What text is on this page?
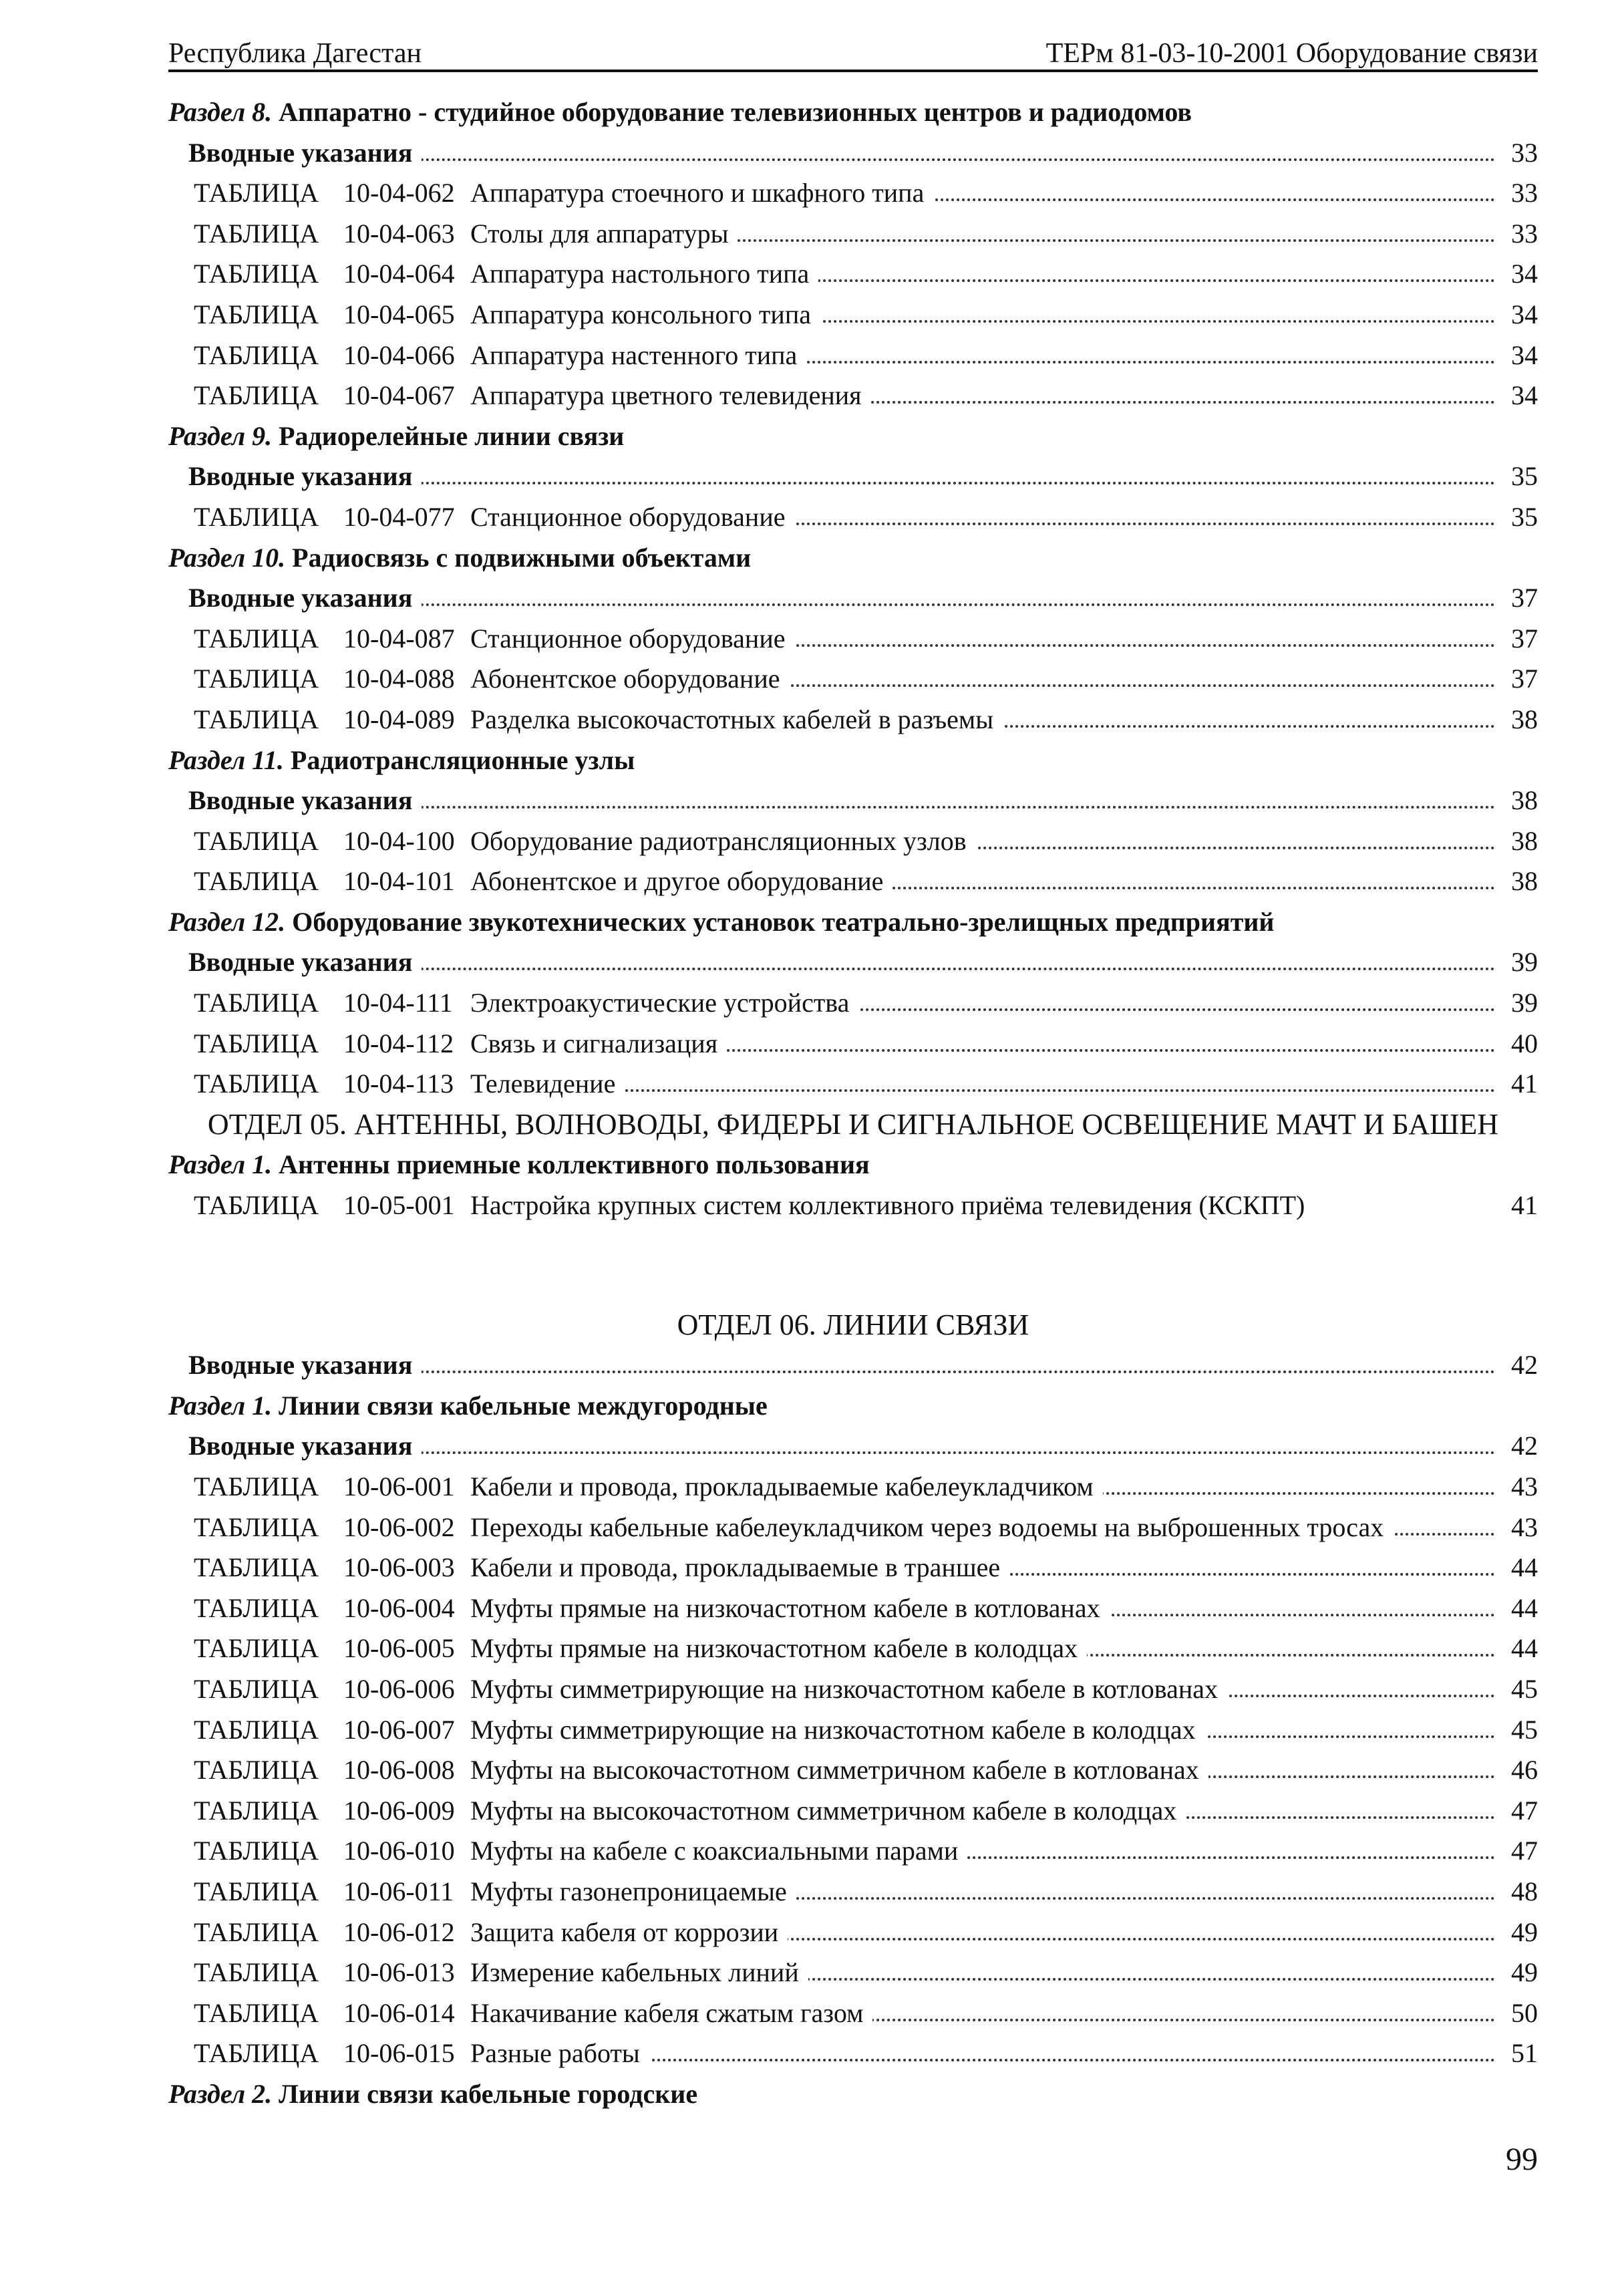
Республика Дагестан	ТЕРм 81-03-10-2001 Оборудование связи
Раздел 8. Аппаратно - студийное оборудование телевизионных центров и радиодомов
Вводные указания	33
ТАБЛИЦА 10-04-062 Аппаратура стоечного и шкафного типа	33
ТАБЛИЦА 10-04-063 Столы для аппаратуры	33
ТАБЛИЦА 10-04-064 Аппаратура настольного типа	34
ТАБЛИЦА 10-04-065 Аппаратура консольного типа	34
ТАБЛИЦА 10-04-066 Аппаратура настенного типа	34
ТАБЛИЦА 10-04-067 Аппаратура цветного телевидения	34
Раздел 9. Радиорелейные линии связи
Вводные указания	35
ТАБЛИЦА 10-04-077 Станционное оборудование	35
Раздел 10. Радиосвязь с подвижными объектами
Вводные указания	37
ТАБЛИЦА 10-04-087 Станционное оборудование	37
ТАБЛИЦА 10-04-088 Абонентское оборудование	37
ТАБЛИЦА 10-04-089 Разделка высокочастотных кабелей в разъемы	38
Раздел 11. Радиотрансляционные узлы
Вводные указания	38
ТАБЛИЦА 10-04-100 Оборудование радиотрансляционных узлов	38
ТАБЛИЦА 10-04-101 Абонентское и другое оборудование	38
Раздел 12. Оборудование звукотехнических установок театрально-зрелищных предприятий
Вводные указания	39
ТАБЛИЦА 10-04-111 Электроакустические устройства	39
ТАБЛИЦА 10-04-112 Связь и сигнализация	40
ТАБЛИЦА 10-04-113 Телевидение	41
ОТДЕЛ 05. АНТЕННЫ, ВОЛНОВОДЫ, ФИДЕРЫ И СИГНАЛЬНОЕ ОСВЕЩЕНИЕ МАЧТ И БАШЕН
Раздел 1. Антенны приемные коллективного пользования
ТАБЛИЦА 10-05-001 Настройка крупных систем коллективного приёма телевидения (КСКПТ)	41
ОТДЕЛ 06. ЛИНИИ СВЯЗИ
Вводные указания	42
Раздел 1. Линии связи кабельные междугородные
Вводные указания	42
ТАБЛИЦА 10-06-001 Кабели и провода, прокладываемые кабелеукладчиком	43
ТАБЛИЦА 10-06-002 Переходы кабельные кабелеукладчиком через водоемы на выброшенных тросах	43
ТАБЛИЦА 10-06-003 Кабели и провода, прокладываемые в траншее	44
ТАБЛИЦА 10-06-004 Муфты прямые на низкочастотном кабеле в котлованах	44
ТАБЛИЦА 10-06-005 Муфты прямые на низкочастотном кабеле в колодцах	44
ТАБЛИЦА 10-06-006 Муфты симметрирующие на низкочастотном кабеле в котлованах	45
ТАБЛИЦА 10-06-007 Муфты симметрирующие на низкочастотном кабеле в колодцах	45
ТАБЛИЦА 10-06-008 Муфты на высокочастотном симметричном кабеле в котлованах	46
ТАБЛИЦА 10-06-009 Муфты на высокочастотном симметричном кабеле в колодцах	47
ТАБЛИЦА 10-06-010 Муфты на кабеле с коаксиальными парами	47
ТАБЛИЦА 10-06-011 Муфты газонепроницаемые	48
ТАБЛИЦА 10-06-012 Защита кабеля от коррозии	49
ТАБЛИЦА 10-06-013 Измерение кабельных линий	49
ТАБЛИЦА 10-06-014 Накачивание кабеля сжатым газом	50
ТАБЛИЦА 10-06-015 Разные работы	51
Раздел 2. Линии связи кабельные городские
99
